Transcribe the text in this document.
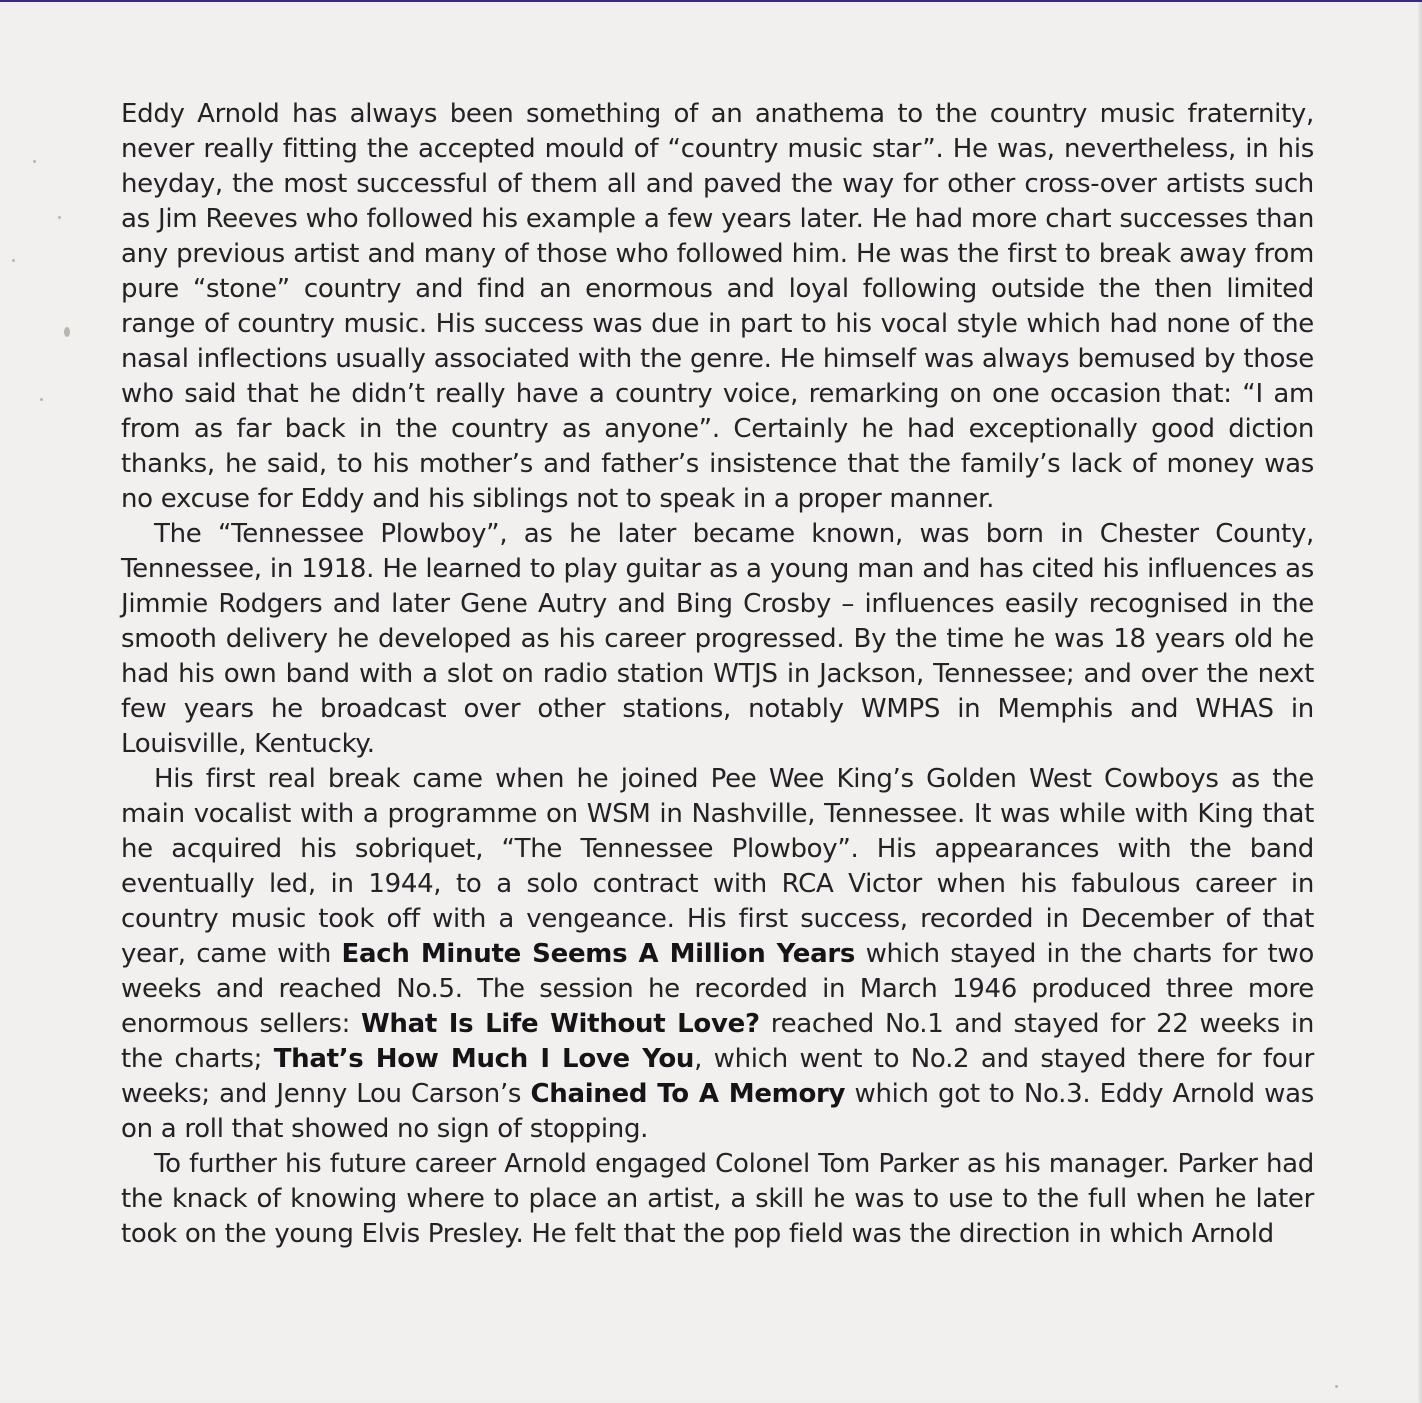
Eddy Arnold has always been something of an anathema to the country music fraternity, never really fitting the accepted mould of “country music star”. He was, nevertheless, in his heyday, the most successful of them all and paved the way for other cross-over artists such as Jim Reeves who followed his example a few years later. He had more chart successes than any previous artist and many of those who followed him. He was the first to break away from pure “stone” country and find an enormous and loyal following outside the then limited range of country music. His success was due in part to his vocal style which had none of the nasal inflections usually associated with the genre. He himself was always bemused by those who said that he didn’t really have a country voice, remarking on one occasion that: “I am from as far back in the country as anyone”. Certainly he had exceptionally good diction thanks, he said, to his mother’s and father’s insistence that the family’s lack of money was no excuse for Eddy and his siblings not to speak in a proper manner.

The “Tennessee Plowboy”, as he later became known, was born in Chester County, Tennessee, in 1918. He learned to play guitar as a young man and has cited his influences as Jimmie Rodgers and later Gene Autry and Bing Crosby – influences easily recognised in the smooth delivery he developed as his career progressed. By the time he was 18 years old he had his own band with a slot on radio station WTJS in Jackson, Tennessee; and over the next few years he broadcast over other stations, notably WMPS in Memphis and WHAS in Louisville, Kentucky.

His first real break came when he joined Pee Wee King’s Golden West Cowboys as the main vocalist with a programme on WSM in Nashville, Tennessee. It was while with King that he acquired his sobriquet, “The Tennessee Plowboy”. His appearances with the band eventually led, in 1944, to a solo contract with RCA Victor when his fabulous career in country music took off with a vengeance. His first success, recorded in December of that year, came with Each Minute Seems A Million Years which stayed in the charts for two weeks and reached No.5. The session he recorded in March 1946 produced three more enormous sellers: What Is Life Without Love? reached No.1 and stayed for 22 weeks in the charts; That’s How Much I Love You, which went to No.2 and stayed there for four weeks; and Jenny Lou Carson’s Chained To A Memory which got to No.3. Eddy Arnold was on a roll that showed no sign of stopping.

To further his future career Arnold engaged Colonel Tom Parker as his manager. Parker had the knack of knowing where to place an artist, a skill he was to use to the full when he later took on the young Elvis Presley. He felt that the pop field was the direction in which Arnold
